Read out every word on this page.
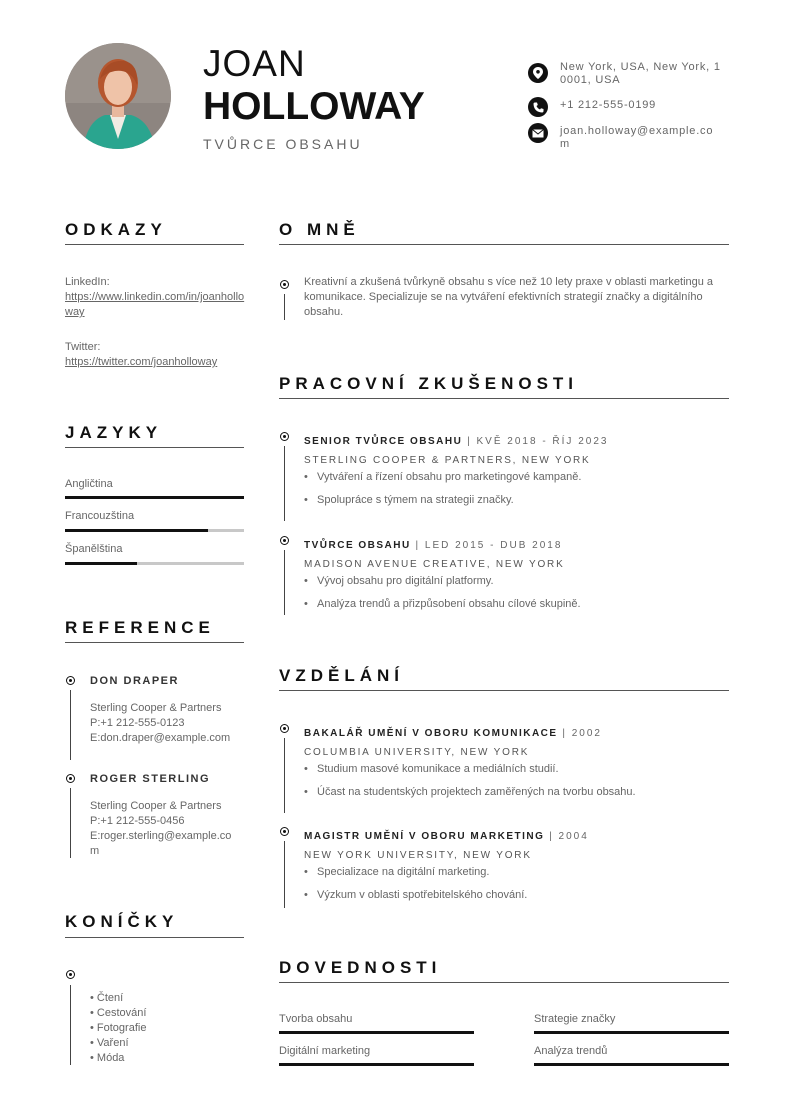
JOAN
HOLLOWAY
TVŮRCE OBSAHU
New York, USA, New York, 10001, USA
+1 212-555-0199
joan.holloway@example.com
ODKAZY
LinkedIn:
https://www.linkedin.com/in/joanholloway
Twitter:
https://twitter.com/joanholloway
JAZYKY
Angličtina
Francouzština
Španělština
REFERENCE
DON DRAPER
Sterling Cooper & Partners
P:+1 212-555-0123
E:don.draper@example.com
ROGER STERLING
Sterling Cooper & Partners
P:+1 212-555-0456
E:roger.sterling@example.com
KONÍČKY
• Čtení
• Cestování
• Fotografie
• Vaření
• Móda
O MNĚ
Kreativní a zkušená tvůrkyně obsahu s více než 10 lety praxe v oblasti marketingu a komunikace. Specializuje se na vytváření efektivních strategií značky a digitálního obsahu.
PRACOVNÍ ZKUŠENOSTI
SENIOR TVŮRCE OBSAHU | KVĚ 2018 - ŘÍJ 2023
STERLING COOPER & PARTNERS, NEW YORK
•   Vytváření a řízení obsahu pro marketingové kampaně.
•   Spolupráce s týmem na strategii značky.
TVŮRCE OBSAHU | LED 2015 - DUB 2018
MADISON AVENUE CREATIVE, NEW YORK
•   Vývoj obsahu pro digitální platformy.
•   Analýza trendů a přizpůsobení obsahu cílové skupině.
VZDĚLÁNÍ
BAKALÁŘ UMĚNÍ V OBORU KOMUNIKACE | 2002
COLUMBIA UNIVERSITY, NEW YORK
•   Studium masové komunikace a mediálních studií.
•   Účast na studentských projektech zaměřených na tvorbu obsahu.
MAGISTR UMĚNÍ V OBORU MARKETING | 2004
NEW YORK UNIVERSITY, NEW YORK
•   Specializace na digitální marketing.
•   Výzkum v oblasti spotřebitelského chování.
DOVEDNOSTI
Tvorba obsahu	Strategie značky
Digitální marketing	Analýza trendů
